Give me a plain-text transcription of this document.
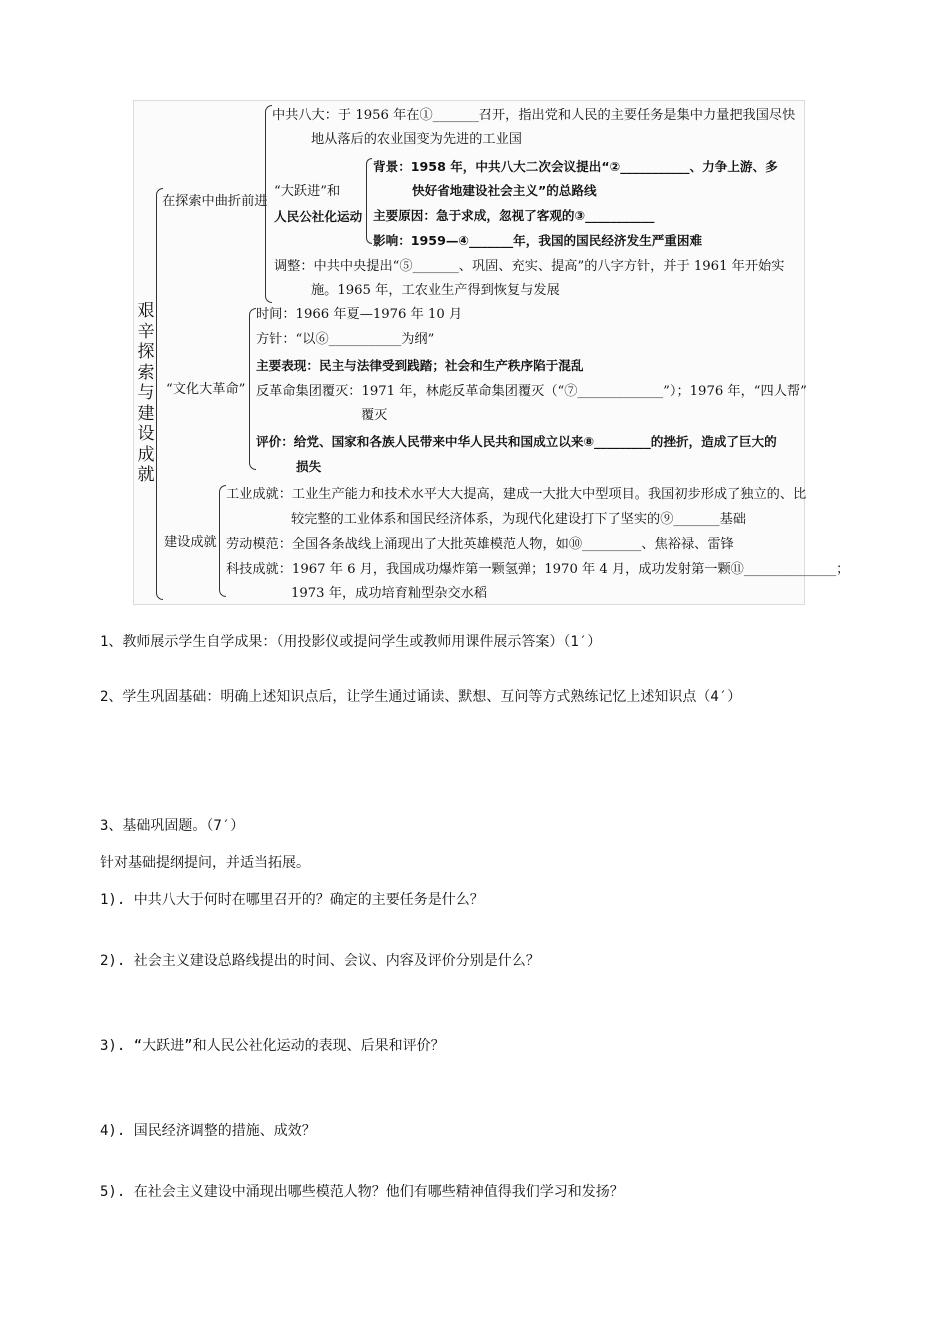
艰辛探索与建设成就
在探索中曲折前进
中共八大：于 1956 年在①_______召开，指出党和人民的主要任务是集中力量把我国尽快
地从落后的农业国变为先进的工业国
“大跃进”和
人民公社化运动
背景：1958 年，中共八大二次会议提出“②___________、力争上游、多
快好省地建设社会主义”的总路线
主要原因：急于求成，忽视了客观的③___________
影响：1959—④_______年，我国的国民经济发生严重困难
调整：中共中央提出“⑤_______、巩固、充实、提高”的八字方针，并于 1961 年开始实
施。1965 年，工农业生产得到恢复与发展
“文化大革命”
时间：1966 年夏—1976 年 10 月
方针：“以⑥___________为纲”
主要表现：民主与法律受到践踏；社会和生产秩序陷于混乱
反革命集团覆灭：1971 年，林彪反革命集团覆灭（“⑦_____________”）；1976 年，“四人帮”
覆灭
评价：给党、国家和各族人民带来中华人民共和国成立以来⑧_________的挫折，造成了巨大的
损失
建设成就
工业成就：工业生产能力和技术水平大大提高，建成一大批大中型项目。我国初步形成了独立的、比
较完整的工业体系和国民经济体系，为现代化建设打下了坚实的⑨_______基础
劳动模范：全国各条战线上涌现出了大批英雄模范人物，如⑩_________、焦裕禄、雷锋
科技成就：1967 年 6 月，我国成功爆炸第一颗氢弹；1970 年 4 月，成功发射第一颗⑪______________；
1973 年，成功培育籼型杂交水稻
1、教师展示学生自学成果：（用投影仪或提问学生或教师用课件展示答案）（1′）
2、学生巩固基础：明确上述知识点后，让学生通过诵读、默想、互问等方式熟练记忆上述知识点（4′）
3、基础巩固题。（7′）
针对基础提纲提问，并适当拓展。
1). 中共八大于何时在哪里召开的？确定的主要任务是什么？
2). 社会主义建设总路线提出的时间、会议、内容及评价分别是什么？
3). “大跃进”和人民公社化运动的表现、后果和评价？
4). 国民经济调整的措施、成效？
5). 在社会主义建设中涌现出哪些模范人物？他们有哪些精神值得我们学习和发扬？
